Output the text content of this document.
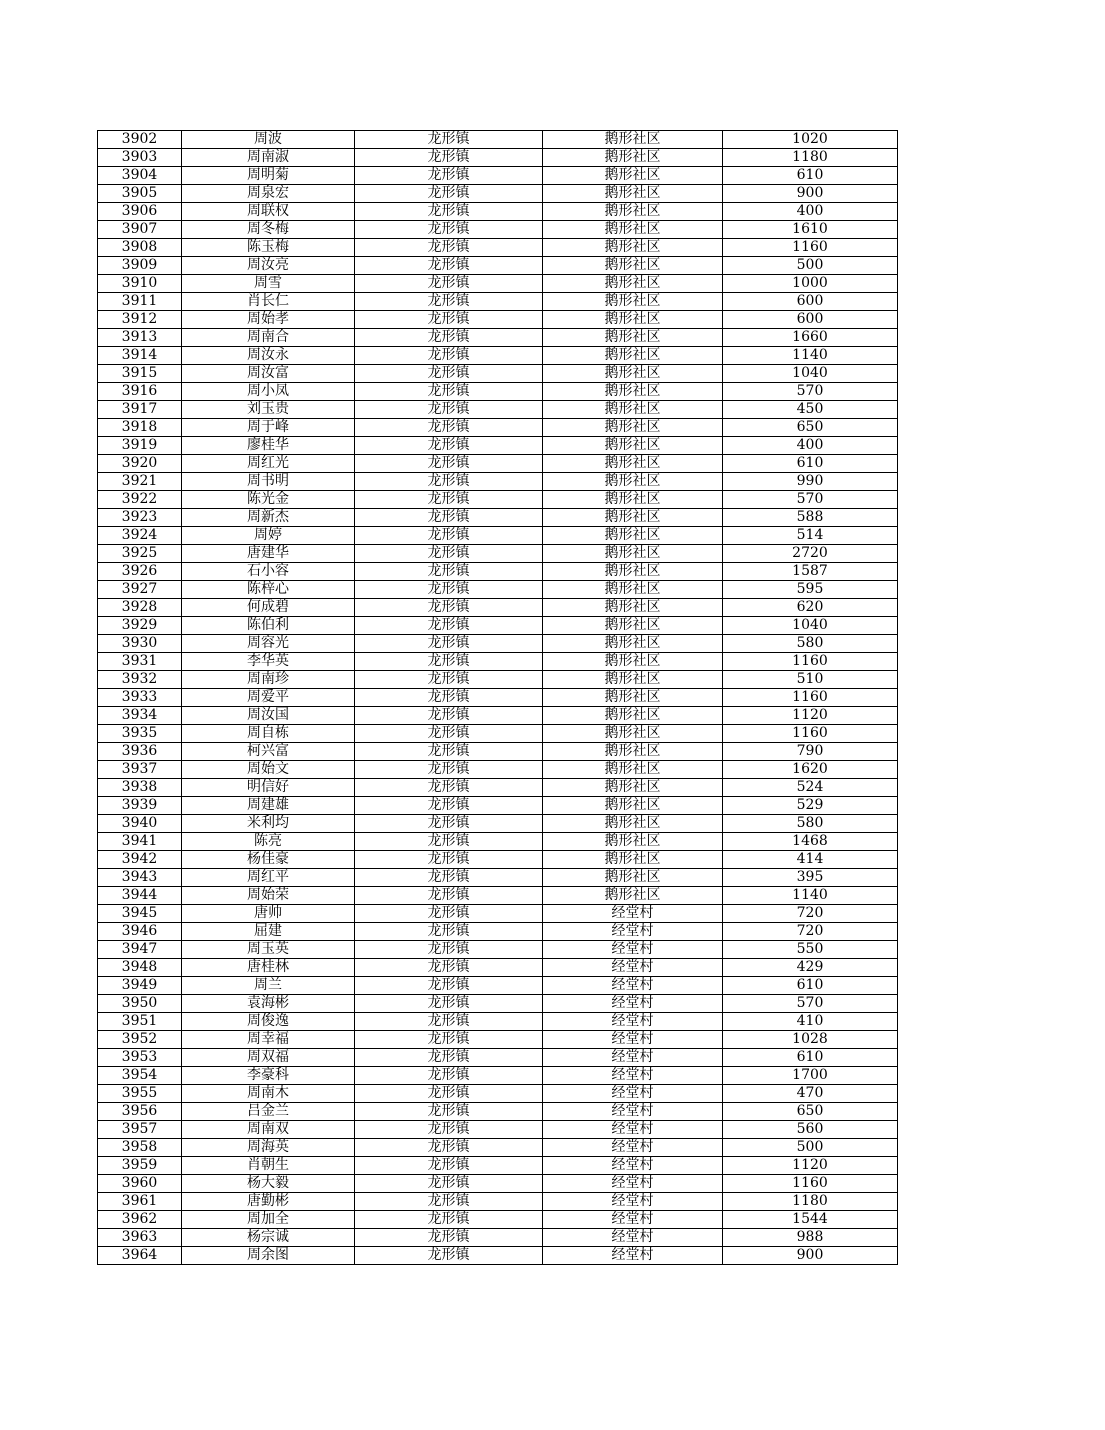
3902	周波	龙形镇	鹅形社区	1020
3903	周南淑	龙形镇	鹅形社区	1180
3904	周明菊	龙形镇	鹅形社区	610
3905	周泉宏	龙形镇	鹅形社区	900
3906	周联权	龙形镇	鹅形社区	400
3907	周冬梅	龙形镇	鹅形社区	1610
3908	陈玉梅	龙形镇	鹅形社区	1160
3909	周汝亮	龙形镇	鹅形社区	500
3910	周雪	龙形镇	鹅形社区	1000
3911	肖长仁	龙形镇	鹅形社区	600
3912	周始孝	龙形镇	鹅形社区	600
3913	周南合	龙形镇	鹅形社区	1660
3914	周汝永	龙形镇	鹅形社区	1140
3915	周汝富	龙形镇	鹅形社区	1040
3916	周小凤	龙形镇	鹅形社区	570
3917	刘玉贵	龙形镇	鹅形社区	450
3918	周于峰	龙形镇	鹅形社区	650
3919	廖桂华	龙形镇	鹅形社区	400
3920	周红光	龙形镇	鹅形社区	610
3921	周书明	龙形镇	鹅形社区	990
3922	陈光金	龙形镇	鹅形社区	570
3923	周新杰	龙形镇	鹅形社区	588
3924	周婷	龙形镇	鹅形社区	514
3925	唐建华	龙形镇	鹅形社区	2720
3926	石小容	龙形镇	鹅形社区	1587
3927	陈梓心	龙形镇	鹅形社区	595
3928	何成碧	龙形镇	鹅形社区	620
3929	陈伯利	龙形镇	鹅形社区	1040
3930	周容光	龙形镇	鹅形社区	580
3931	李华英	龙形镇	鹅形社区	1160
3932	周南珍	龙形镇	鹅形社区	510
3933	周爱平	龙形镇	鹅形社区	1160
3934	周汝国	龙形镇	鹅形社区	1120
3935	周自栋	龙形镇	鹅形社区	1160
3936	柯兴富	龙形镇	鹅形社区	790
3937	周始文	龙形镇	鹅形社区	1620
3938	明信好	龙形镇	鹅形社区	524
3939	周建雄	龙形镇	鹅形社区	529
3940	米利均	龙形镇	鹅形社区	580
3941	陈亮	龙形镇	鹅形社区	1468
3942	杨佳豪	龙形镇	鹅形社区	414
3943	周红平	龙形镇	鹅形社区	395
3944	周始荣	龙形镇	鹅形社区	1140
3945	唐帅	龙形镇	经堂村	720
3946	屈建	龙形镇	经堂村	720
3947	周玉英	龙形镇	经堂村	550
3948	唐桂林	龙形镇	经堂村	429
3949	周兰	龙形镇	经堂村	610
3950	袁海彬	龙形镇	经堂村	570
3951	周俊逸	龙形镇	经堂村	410
3952	周幸福	龙形镇	经堂村	1028
3953	周双福	龙形镇	经堂村	610
3954	李豪科	龙形镇	经堂村	1700
3955	周南木	龙形镇	经堂村	470
3956	吕金兰	龙形镇	经堂村	650
3957	周南双	龙形镇	经堂村	560
3958	周海英	龙形镇	经堂村	500
3959	肖朝生	龙形镇	经堂村	1120
3960	杨大毅	龙形镇	经堂村	1160
3961	唐勤彬	龙形镇	经堂村	1180
3962	周加全	龙形镇	经堂村	1544
3963	杨宗诚	龙形镇	经堂村	988
3964	周余图	龙形镇	经堂村	900
